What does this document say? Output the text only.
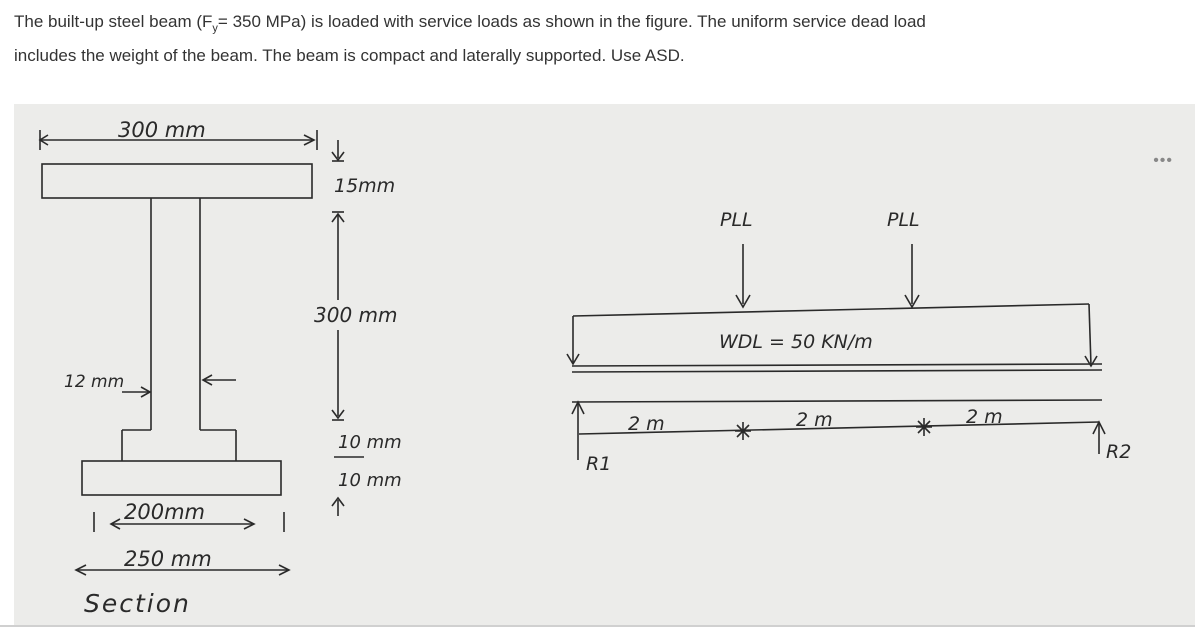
The built-up steel beam ($F_y= 350$ MPa) is loaded with service loads as shown in the figure. The uniform service dead load
includes the weight of the beam. The beam is compact and laterally supported. Use ASD.
300 mm
15mm
300 mm
12 mm
10 mm
10 mm
200mm
250 mm
Section
PLL	PLL
WDL = 50 KN/m
2 m	2 m	2 m
R1
R2
•••
